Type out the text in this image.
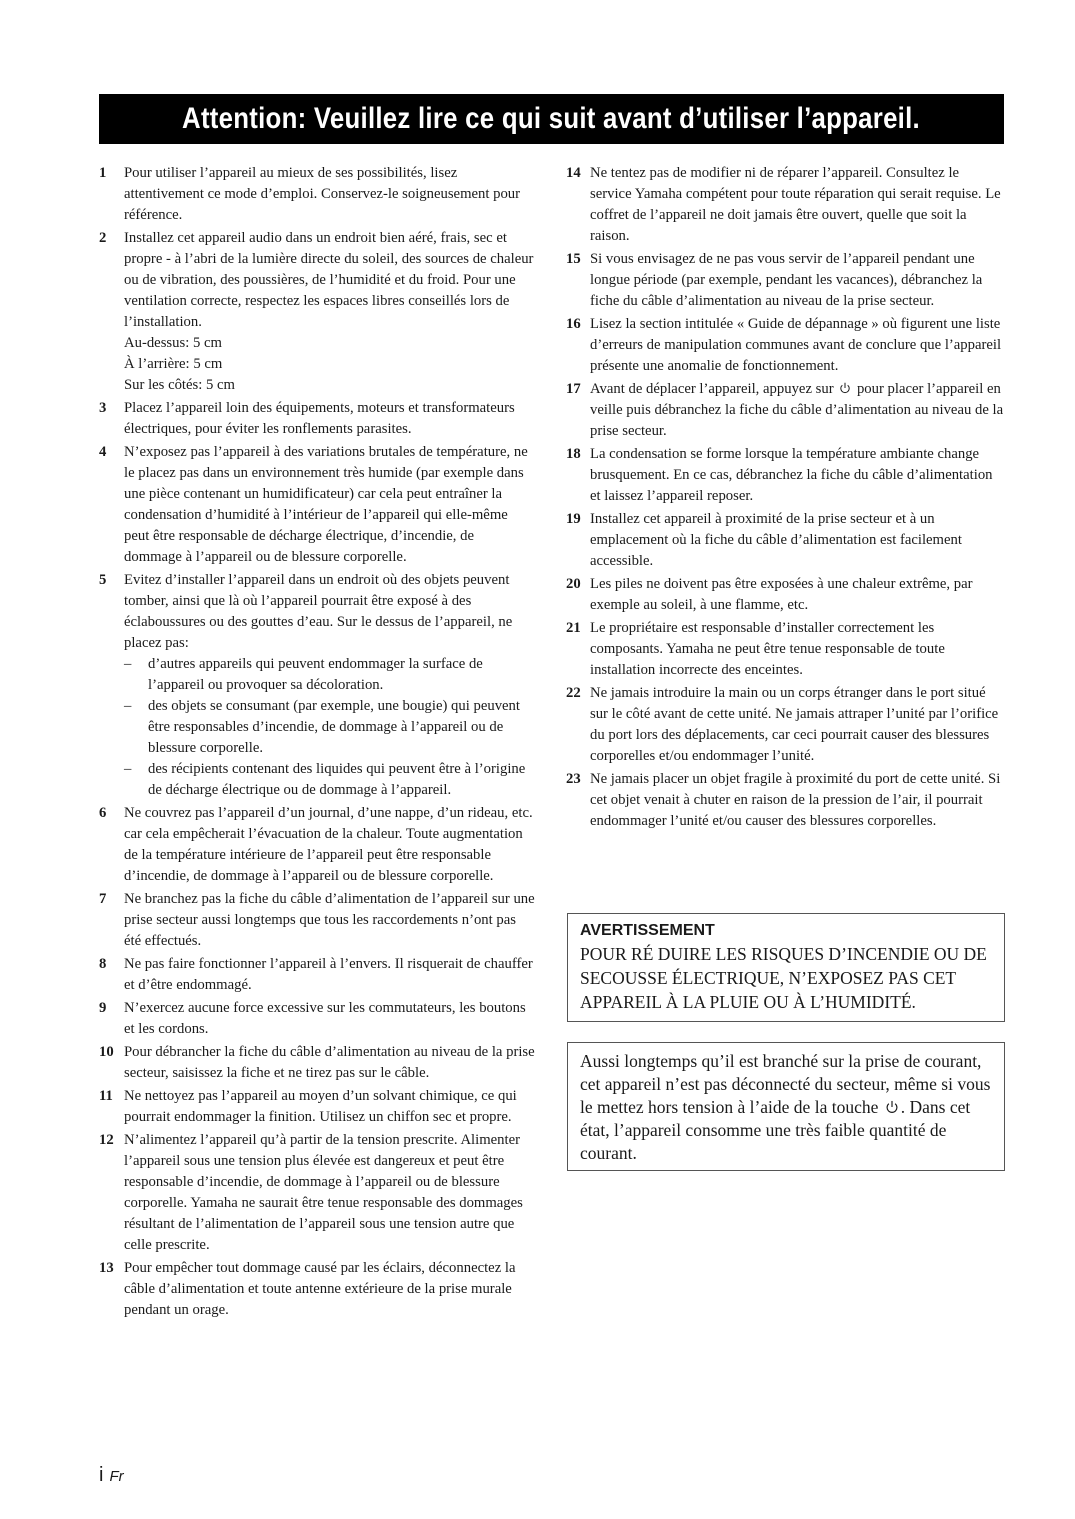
Attention: Veuillez lire ce qui suit avant d’utiliser l’appareil.
1	Pour utiliser l’appareil au mieux de ses possibilités, lisez attentivement ce mode d’emploi. Conservez-le soigneusement pour référence.
2	Installez cet appareil audio dans un endroit bien aéré, frais, sec et propre - à l’abri de la lumière directe du soleil, des sources de chaleur ou de vibration, des poussières, de l’humidité et du froid. Pour une ventilation correcte, respectez les espaces libres conseillés lors de l’installation.
Au-dessus: 5 cm
À l’arrière: 5 cm
Sur les côtés: 5 cm
3	Placez l’appareil loin des équipements, moteurs et transformateurs électriques, pour éviter les ronflements parasites.
4	N’exposez pas l’appareil à des variations brutales de température, ne le placez pas dans un environnement très humide (par exemple dans une pièce contenant un humidificateur) car cela peut entraîner la condensation d’humidité à l’intérieur de l’appareil qui elle-même peut être responsable de décharge électrique, d’incendie, de dommage à l’appareil ou de blessure corporelle.
5	Evitez d’installer l’appareil dans un endroit où des objets peuvent tomber, ainsi que là où l’appareil pourrait être exposé à des éclaboussures ou des gouttes d’eau. Sur le dessus de l’appareil, ne placez pas:
–	d’autres appareils qui peuvent endommager la surface de l’appareil ou provoquer sa décoloration.
–	des objets se consumant (par exemple, une bougie) qui peuvent être responsables d’incendie, de dommage à l’appareil ou de blessure corporelle.
–	des récipients contenant des liquides qui peuvent être à l’origine de décharge électrique ou de dommage à l’appareil.
6	Ne couvrez pas l’appareil d’un journal, d’une nappe, d’un rideau, etc. car cela empêcherait l’évacuation de la chaleur. Toute augmentation de la température intérieure de l’appareil peut être responsable d’incendie, de dommage à l’appareil ou de blessure corporelle.
7	Ne branchez pas la fiche du câble d’alimentation de l’appareil sur une prise secteur aussi longtemps que tous les raccordements n’ont pas été effectués.
8	Ne pas faire fonctionner l’appareil à l’envers. Il risquerait de chauffer et d’être endommagé.
9	N’exercez aucune force excessive sur les commutateurs, les boutons et les cordons.
10 Pour débrancher la fiche du câble d’alimentation au niveau de la prise secteur, saisissez la fiche et ne tirez pas sur le câble.
11 Ne nettoyez pas l’appareil au moyen d’un solvant chimique, ce qui pourrait endommager la finition. Utilisez un chiffon sec et propre.
12 N’alimentez l’appareil qu’à partir de la tension prescrite. Alimenter l’appareil sous une tension plus élevée est dangereux et peut être responsable d’incendie, de dommage à l’appareil ou de blessure corporelle. Yamaha ne saurait être tenue responsable des dommages résultant de l’alimentation de l’appareil sous une tension autre que celle prescrite.
13 Pour empêcher tout dommage causé par les éclairs, déconnectez la câble d’alimentation et toute antenne extérieure de la prise murale pendant un orage.
14 Ne tentez pas de modifier ni de réparer l’appareil. Consultez le service Yamaha compétent pour toute réparation qui serait requise. Le coffret de l’appareil ne doit jamais être ouvert, quelle que soit la raison.
15 Si vous envisagez de ne pas vous servir de l’appareil pendant une longue période (par exemple, pendant les vacances), débranchez la fiche du câble d’alimentation au niveau de la prise secteur.
16 Lisez la section intitulée « Guide de dépannage » où figurent une liste d’erreurs de manipulation communes avant de conclure que l’appareil présente une anomalie de fonctionnement.
17 Avant de déplacer l’appareil, appuyez sur pour placer l’appareil en veille puis débranchez la fiche du câble d’alimentation au niveau de la prise secteur.
18 La condensation se forme lorsque la température ambiante change brusquement. En ce cas, débranchez la fiche du câble d’alimentation et laissez l’appareil reposer.
19 Installez cet appareil à proximité de la prise secteur et à un emplacement où la fiche du câble d’alimentation est facilement accessible.
20 Les piles ne doivent pas être exposées à une chaleur extrême, par exemple au soleil, à une flamme, etc.
21 Le propriétaire est responsable d’installer correctement les composants. Yamaha ne peut être tenue responsable de toute installation incorrecte des enceintes.
22 Ne jamais introduire la main ou un corps étranger dans le port situé sur le côté avant de cette unité. Ne jamais attraper l’unité par l’orifice du port lors des déplacements, car ceci pourrait causer des blessures corporelles et/ou endommager l’unité.
23 Ne jamais placer un objet fragile à proximité du port de cette unité. Si cet objet venait à chuter en raison de la pression de l’air, il pourrait endommager l’unité et/ou causer des blessures corporelles.
AVERTISSEMENT
POUR RÉ DUIRE LES RISQUES D’INCENDIE OU DE SECOUSSE ÉLECTRIQUE, N’EXPOSEZ PAS CET APPAREIL À LA PLUIE OU À L’HUMIDITÉ.
Aussi longtemps qu’il est branché sur la prise de courant, cet appareil n’est pas déconnecté du secteur, même si vous le mettez hors tension à l’aide de la touche . Dans cet état, l’appareil consomme une très faible quantité de courant.
i Fr
